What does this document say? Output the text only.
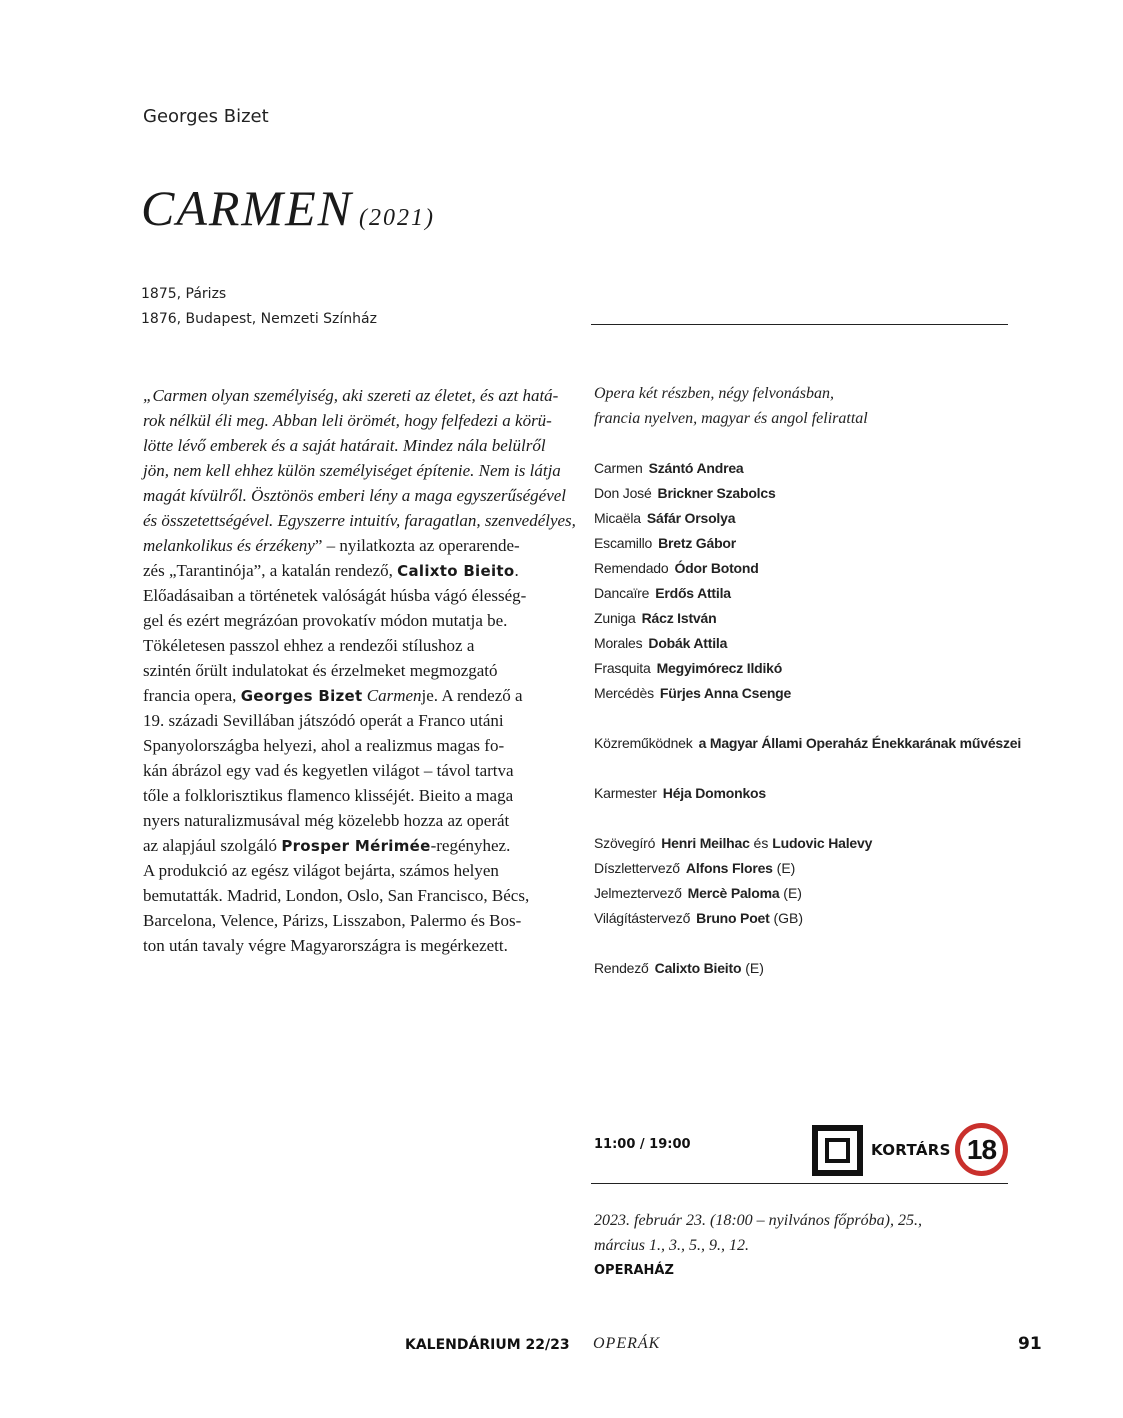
Georges Bizet
CARMEN (2021)
1875, Párizs
1876, Budapest, Nemzeti Színház
„Carmen olyan személyiség, aki szereti az életet, és azt hatá-
rok nélkül éli meg. Abban leli örömét, hogy felfedezi a körü-
lötte lévő emberek és a saját határait. Mindez nála belülről
jön, nem kell ehhez külön személyiséget építenie. Nem is látja
magát kívülről. Ösztönös emberi lény a maga egyszerűségével
és összetettségével. Egyszerre intuitív, faragatlan, szenvedélyes,
melankolikus és érzékeny” – nyilatkozta az operarende-
zés „Tarantinója”, a katalán rendező, Calixto Bieito.
Előadásaiban a történetek valóságát húsba vágó élesség-
gel és ezért megrázóan provokatív módon mutatja be.
Tökéletesen passzol ehhez a rendezői stílushoz a
szintén őrült indulatokat és érzelmeket megmozgató
francia opera, Georges Bizet Carmenje. A rendező a
19. századi Sevillában játszódó operát a Franco utáni
Spanyolországba helyezi, ahol a realizmus magas fo-
kán ábrázol egy vad és kegyetlen világot – távol tartva
tőle a folklorisztikus flamenco klisséjét. Bieito a maga
nyers naturalizmusával még közelebb hozza az operát
az alapjául szolgáló Prosper Mérimée-regényhez.
A produkció az egész világot bejárta, számos helyen
bemutatták. Madrid, London, Oslo, San Francisco, Bécs,
Barcelona, Velence, Párizs, Lisszabon, Palermo és Bos-
ton után tavaly végre Magyarországra is megérkezett.
Opera két részben, négy felvonásban,
francia nyelven, magyar és angol felirattal
Carmen Szántó Andrea
Don José Brickner Szabolcs
Micaëla Sáfár Orsolya
Escamillo Bretz Gábor
Remendado Ódor Botond
Dancaïre Erdős Attila
Zuniga Rácz István
Morales Dobák Attila
Frasquita Megyimórecz Ildikó
Mercédès Fürjes Anna Csenge
Közreműködnek a Magyar Állami Operaház Énekkarának művészei
Karmester Héja Domonkos
Szövegíró Henri Meilhac és Ludovic Halevy
Díszlettervező Alfons Flores (E)
Jelmeztervező Mercè Paloma (E)
Világítástervező Bruno Poet (GB)
Rendező Calixto Bieito (E)
11:00 / 19:00	KORTÁRS 18
2023. február 23. (18:00 – nyilvános főpróba), 25.,
március 1., 3., 5., 9., 12.
OPERAHÁZ
KALENDÁRIUM 22/23 OPERÁK	91
